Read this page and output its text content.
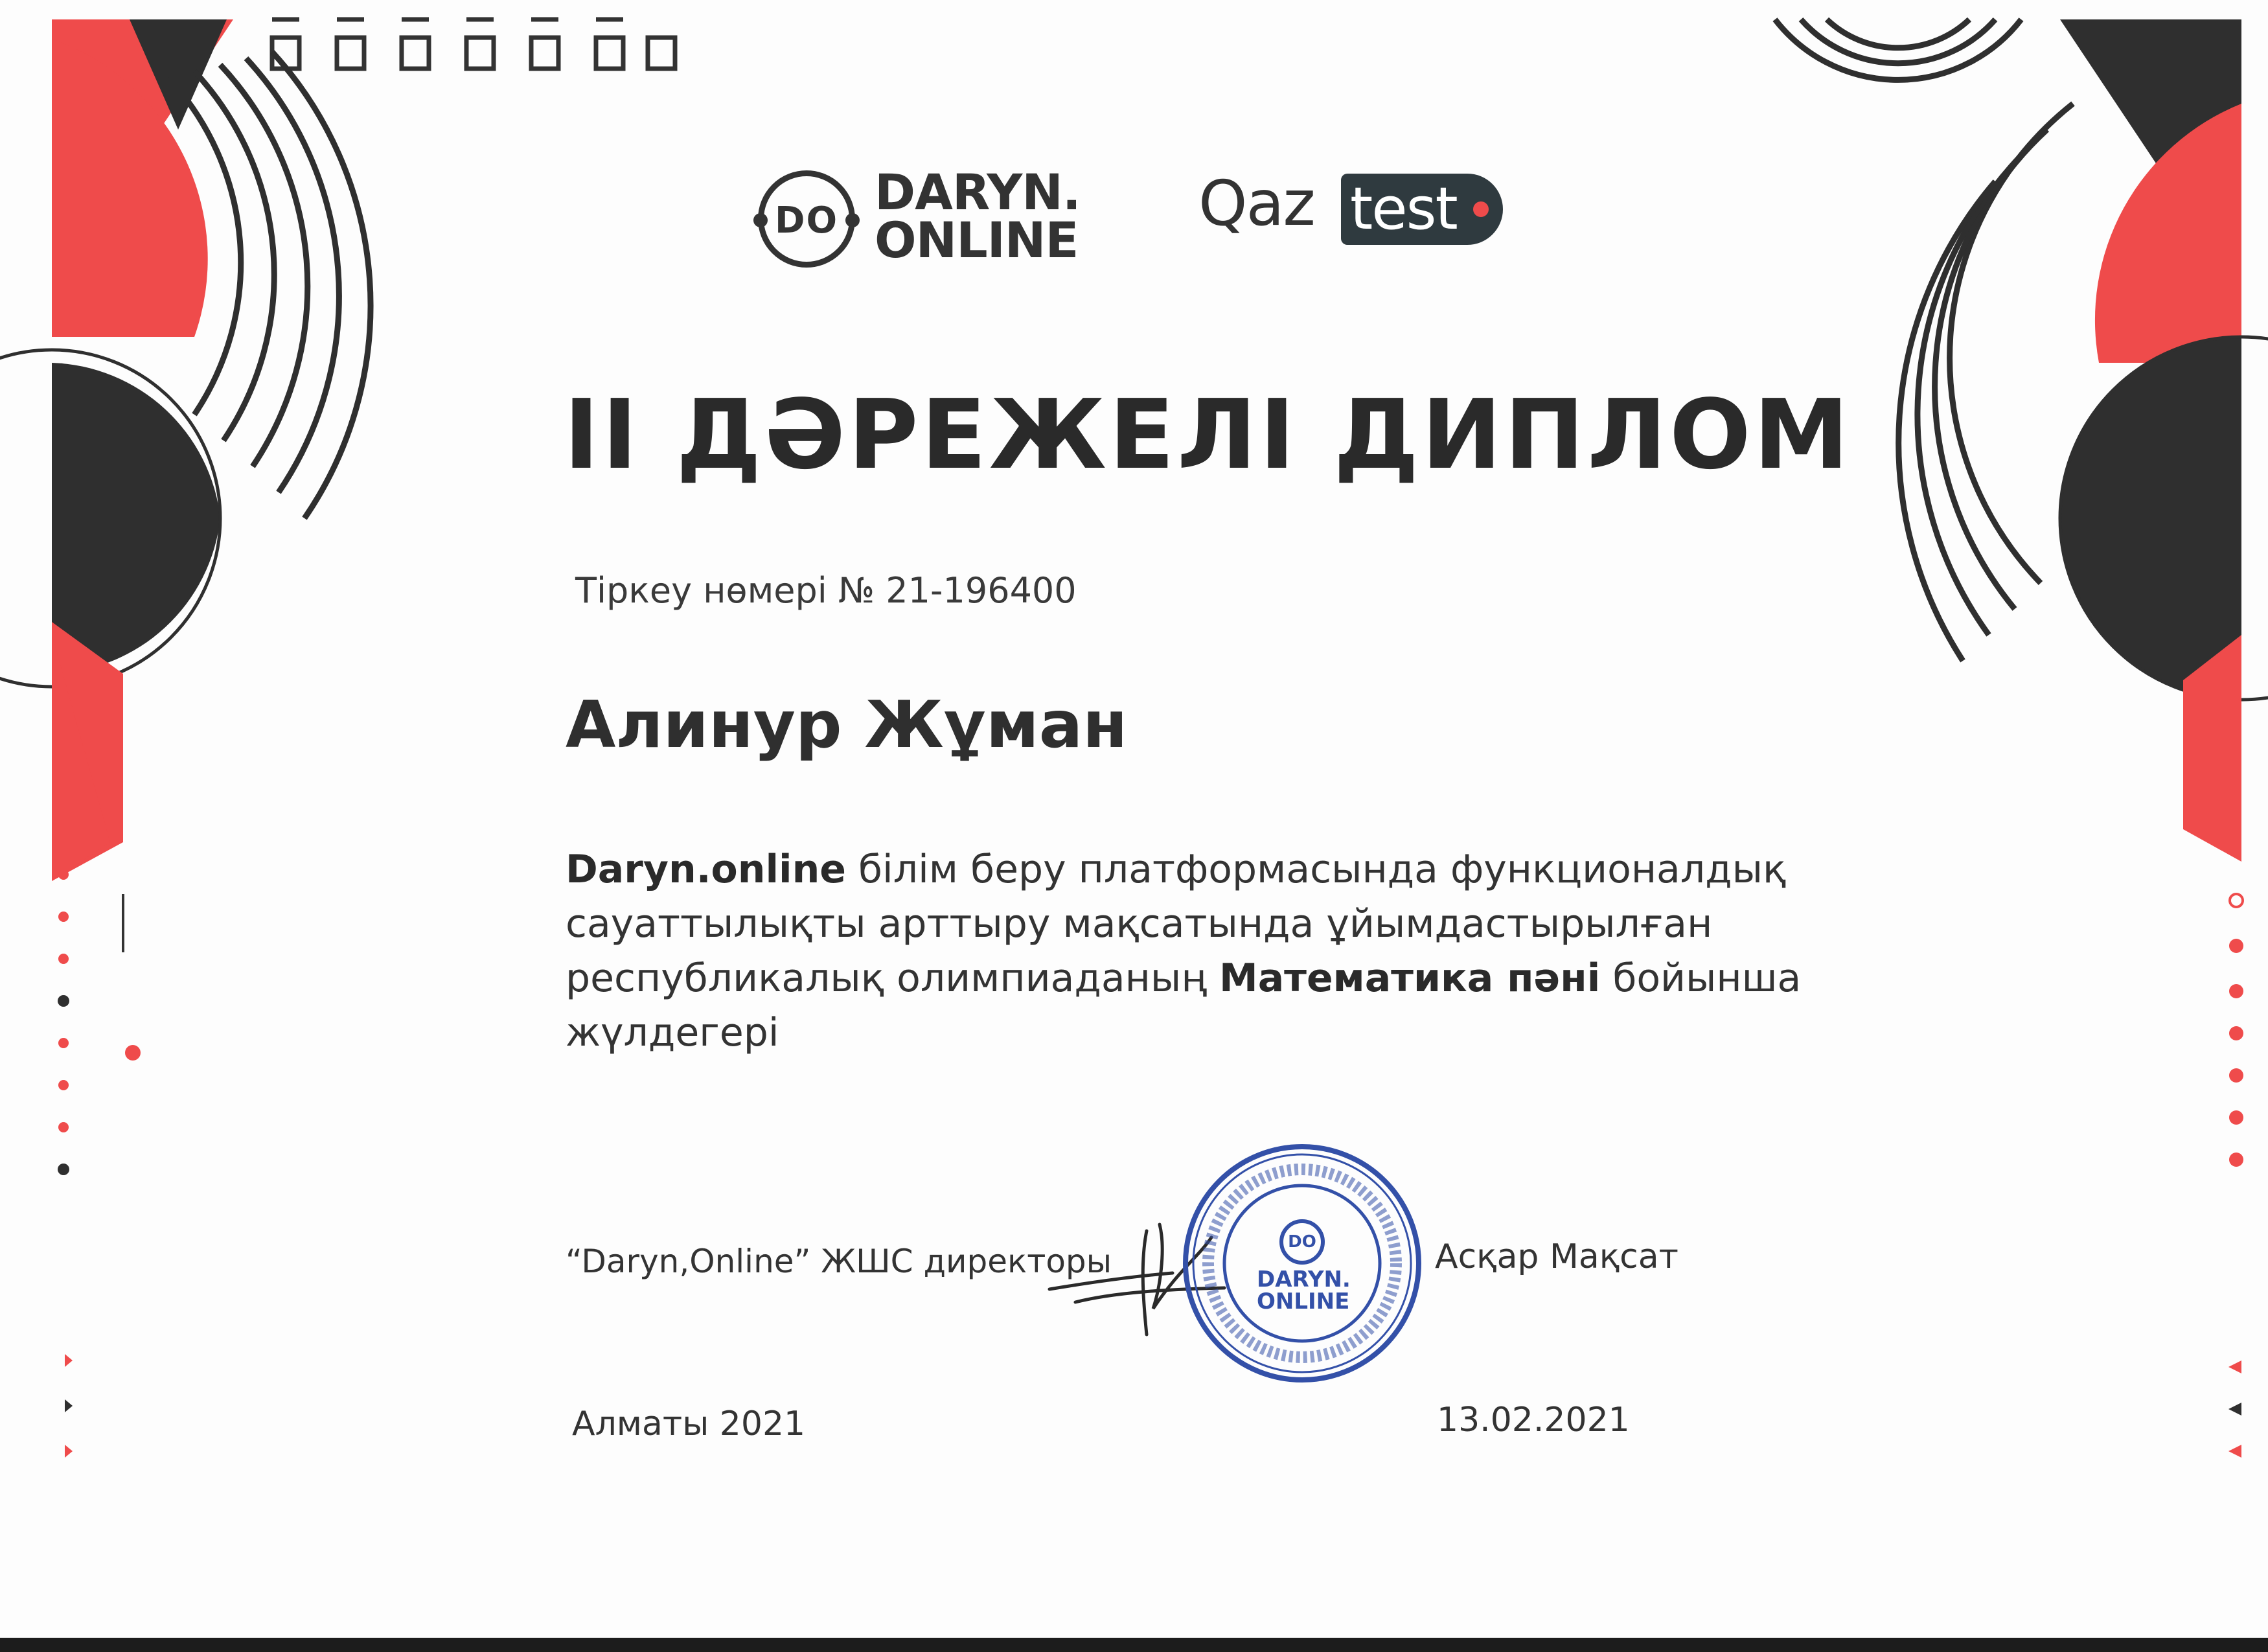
DO DARYN.
ONLINE
Qaz test
II ДӘРЕЖЕЛІ ДИПЛОМ
Тіркеу нөмері № 21-196400
Алинур Жұман
Daryn.online білім беру платформасында функционалдық сауаттылықты арттыру мақсатында ұйымдастырылған республикалық олимпиаданың Математика пәні бойынша жүлдегері
“Daryn,Online” ЖШС директоры
DO
DARYN.
ONLINE
Асқар Мақсат
Алматы 2021	13.02.2021
